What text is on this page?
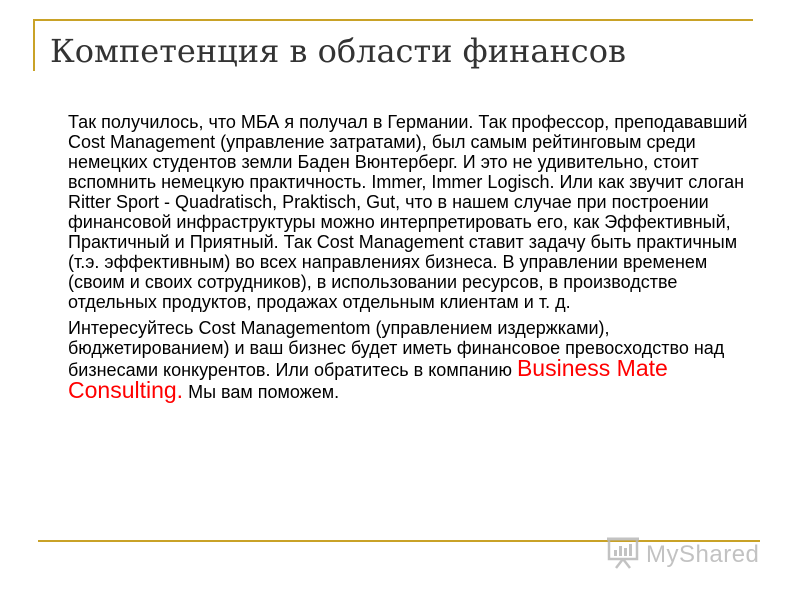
Компетенция в области финансов

Так получилось, что МБА я получал в Германии. Так профессор, преподававший Cost Management (управление затратами), был самым рейтинговым среди немецких студентов земли Баден Вюнтерберг. И это не удивительно, стоит вспомнить немецкую практичность. Immer, Immer Logisch. Или как звучит слоган Ritter Sport - Quadratisch, Praktisch, Gut, что в нашем случае при построении финансовой инфраструктуры можно интерпретировать его, как Эффективный, Практичный и Приятный. Так Cost Management ставит задачу быть практичным (т.э. эффективным) во всех направлениях бизнеса. В управлении временем (своим и своих сотрудников), в использовании ресурсов, в производстве отдельных продуктов, продажах отдельным клиентам и т. д.

Интересуйтесь Cost Managementom (управлением издержками), бюджетированием) и ваш бизнес будет иметь финансовое превосходство над бизнесами конкурентов. Или обратитесь в компанию Business Mate Consulting. Мы вам поможем.

MyShared
